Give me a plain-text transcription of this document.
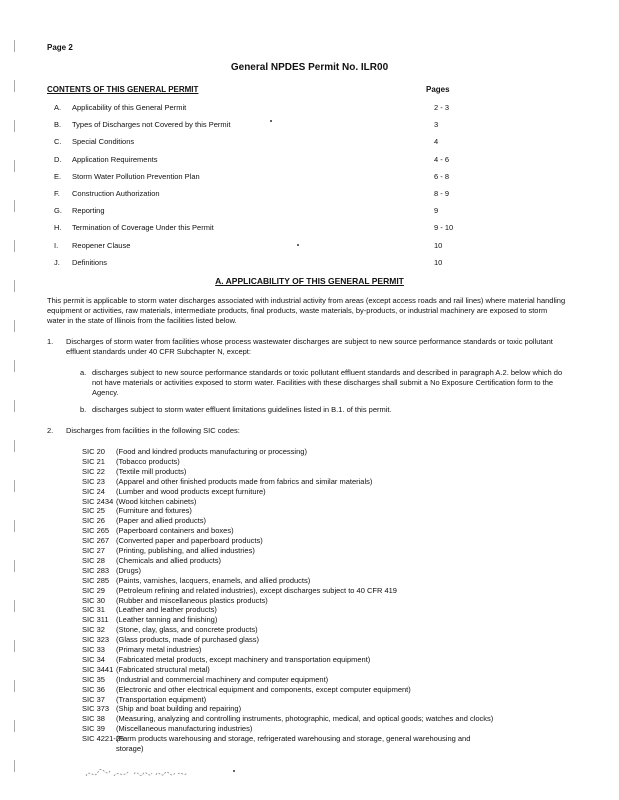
Page 2
General NPDES Permit No. ILR00
CONTENTS OF THIS GENERAL PERMIT	Pages
A. Applicability of this General Permit	2 - 3
B. Types of Discharges not Covered by this Permit	3
C. Special Conditions	4
D. Application Requirements	4 - 6
E. Storm Water Pollution Prevention Plan	6 - 8
F. Construction Authorization	8 - 9
G. Reporting	9
H. Termination of Coverage Under this Permit	9 - 10
I. Reopener Clause	10
J. Definitions	10
A. APPLICABILITY OF THIS GENERAL PERMIT
This permit is applicable to storm water discharges associated with industrial activity from areas (except access roads and rail lines) where material handling equipment or activities, raw materials, intermediate products, final products, waste materials, by-products, or industrial machinery are exposed to storm water in the state of Illinois from the facilities listed below.
1. Discharges of storm water from facilities whose process wastewater discharges are subject to new source performance standards or toxic pollutant effluent standards under 40 CFR Subchapter N, except:
a. discharges subject to new source performance standards or toxic pollutant effluent standards and described in paragraph A.2. below which do not have materials or activities exposed to storm water. Facilities with these discharges shall submit a No Exposure Certification form to the Agency.
b. discharges subject to storm water effluent limitations guidelines listed in B.1. of this permit.
2. Discharges from facilities in the following SIC codes:
SIC 20 (Food and kindred products manufacturing or processing)
SIC 21 (Tobacco products)
SIC 22 (Textile mill products)
SIC 23 (Apparel and other finished products made from fabrics and similar materials)
SIC 24 (Lumber and wood products except furniture)
SIC 2434 (Wood kitchen cabinets)
SIC 25 (Furniture and fixtures)
SIC 26 (Paper and allied products)
SIC 265 (Paperboard containers and boxes)
SIC 267 (Converted paper and paperboard products)
SIC 27 (Printing, publishing, and allied industries)
SIC 28 (Chemicals and allied products)
SIC 283 (Drugs)
SIC 285 (Paints, varnishes, lacquers, enamels, and allied products)
SIC 29 (Petroleum refining and related industries), except discharges subject to 40 CFR 419
SIC 30 (Rubber and miscellaneous plastics products)
SIC 31 (Leather and leather products)
SIC 311 (Leather tanning and finishing)
SIC 32 (Stone, clay, glass, and concrete products)
SIC 323 (Glass products, made of purchased glass)
SIC 33 (Primary metal industries)
SIC 34 (Fabricated metal products, except machinery and transportation equipment)
SIC 3441 (Fabricated structural metal)
SIC 35 (Industrial and commercial machinery and computer equipment)
SIC 36 (Electronic and other electrical equipment and components, except computer equipment)
SIC 37 (Transportation equipment)
SIC 373 (Ship and boat building and repairing)
SIC 38 (Measuring, analyzing and controlling instruments, photographic, medical, and optical goods; watches and clocks)
SIC 39 (Miscellaneous manufacturing industries)
SIC 4221-25
(Farm products warehousing and storage, refrigerated warehousing and storage, general warehousing and
storage)
